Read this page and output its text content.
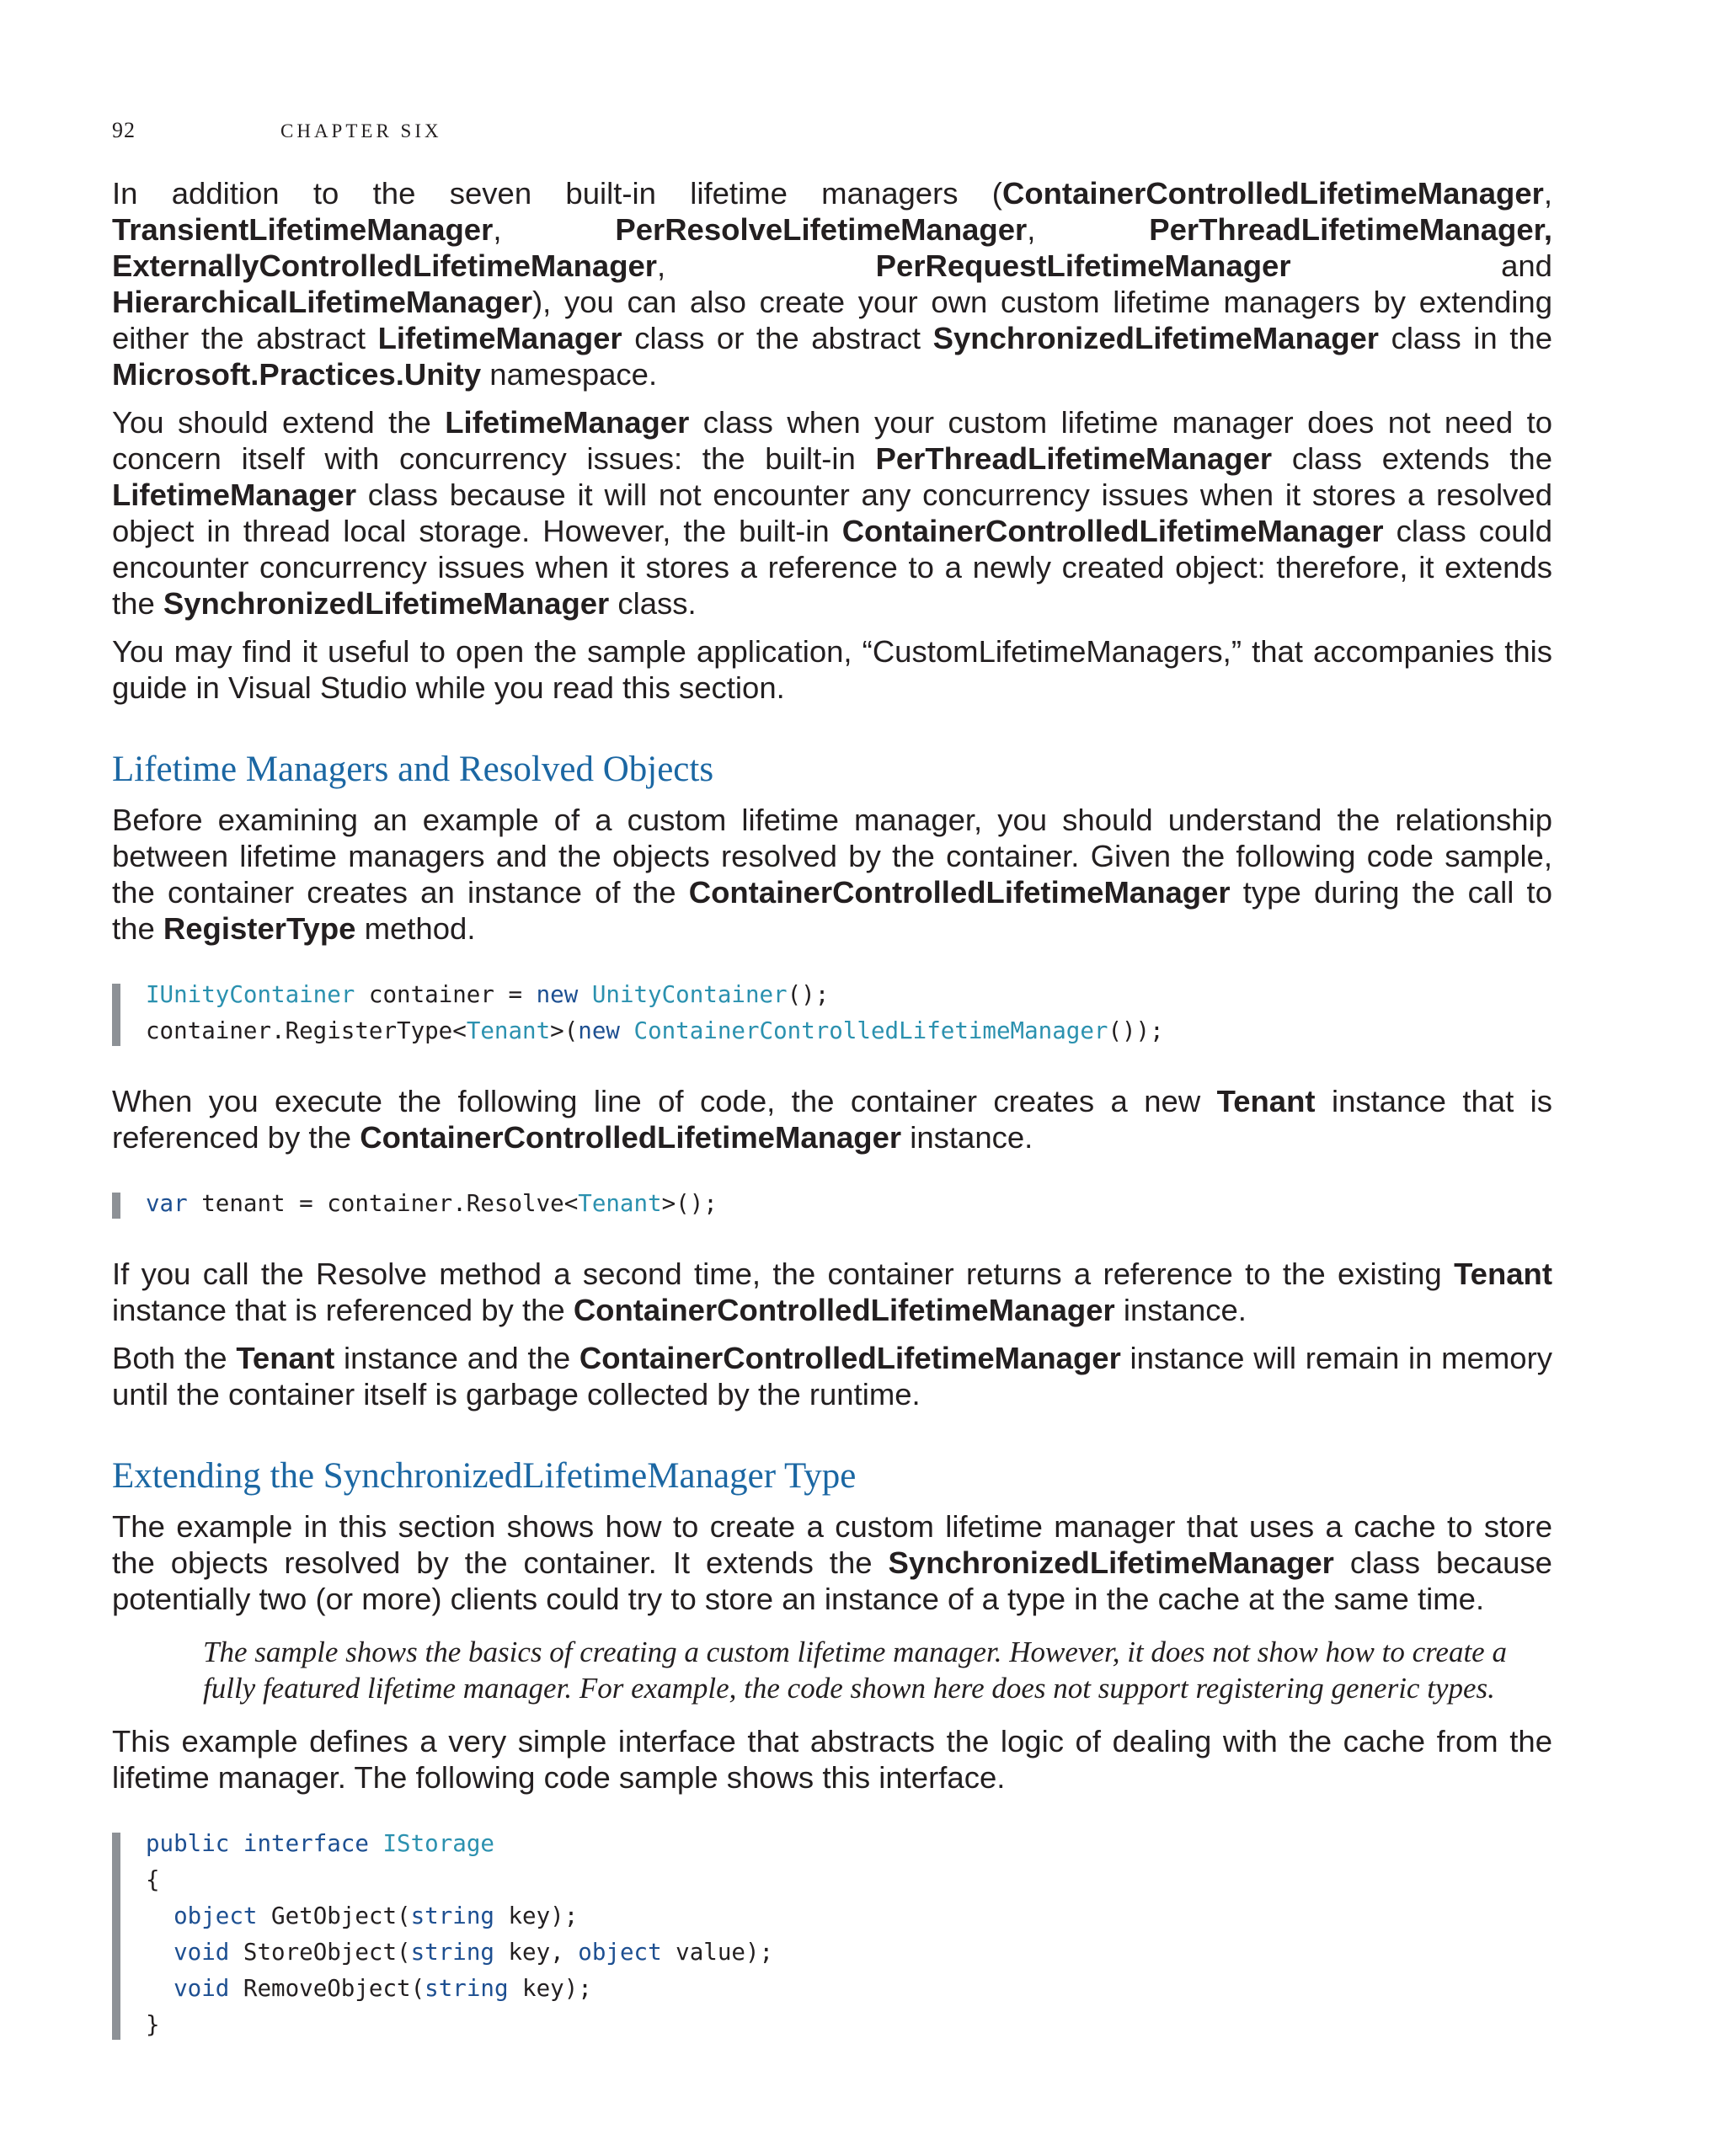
92	CHAPTER SIX

In addition to the seven built-in lifetime managers (ContainerControlledLifetimeManager, TransientLifetimeManager, PerResolveLifetimeManager, PerThreadLifetimeManager, ExternallyControlledLifetimeManager, PerRequestLifetimeManager and HierarchicalLifetimeManager), you can also create your own custom lifetime managers by extending either the abstract LifetimeManager class or the abstract SynchronizedLifetimeManager class in the Microsoft.Practices.Unity namespace.

You should extend the LifetimeManager class when your custom lifetime manager does not need to concern itself with concurrency issues: the built-in PerThreadLifetimeManager class extends the LifetimeManager class because it will not encounter any concurrency issues when it stores a resolved object in thread local storage. However, the built-in ContainerControlledLifetimeManager class could encounter concurrency issues when it stores a reference to a newly created object: therefore, it extends the SynchronizedLifetimeManager class.

You may find it useful to open the sample application, “CustomLifetimeManagers,” that accompanies this guide in Visual Studio while you read this section.

Lifetime Managers and Resolved Objects

Before examining an example of a custom lifetime manager, you should understand the relationship between lifetime managers and the objects resolved by the container. Given the following code sample, the container creates an instance of the ContainerControlledLifetimeManager type during the call to the RegisterType method.

IUnityContainer container = new UnityContainer();
container.RegisterType<Tenant>(new ContainerControlledLifetimeManager());

When you execute the following line of code, the container creates a new Tenant instance that is referenced by the ContainerControlledLifetimeManager instance.

var tenant = container.Resolve<Tenant>();

If you call the Resolve method a second time, the container returns a reference to the existing Tenant instance that is referenced by the ContainerControlledLifetimeManager instance.

Both the Tenant instance and the ContainerControlledLifetimeManager instance will remain in memory until the container itself is garbage collected by the runtime.

Extending the SynchronizedLifetimeManager Type

The example in this section shows how to create a custom lifetime manager that uses a cache to store the objects resolved by the container. It extends the SynchronizedLifetimeManager class because potentially two (or more) clients could try to store an instance of a type in the cache at the same time.

The sample shows the basics of creating a custom lifetime manager. However, it does not show how to create a fully featured lifetime manager. For example, the code shown here does not support registering generic types.

This example defines a very simple interface that abstracts the logic of dealing with the cache from the lifetime manager. The following code sample shows this interface.

public interface IStorage
{
object GetObject(string key);
void StoreObject(string key, object value);
void RemoveObject(string key);
}
